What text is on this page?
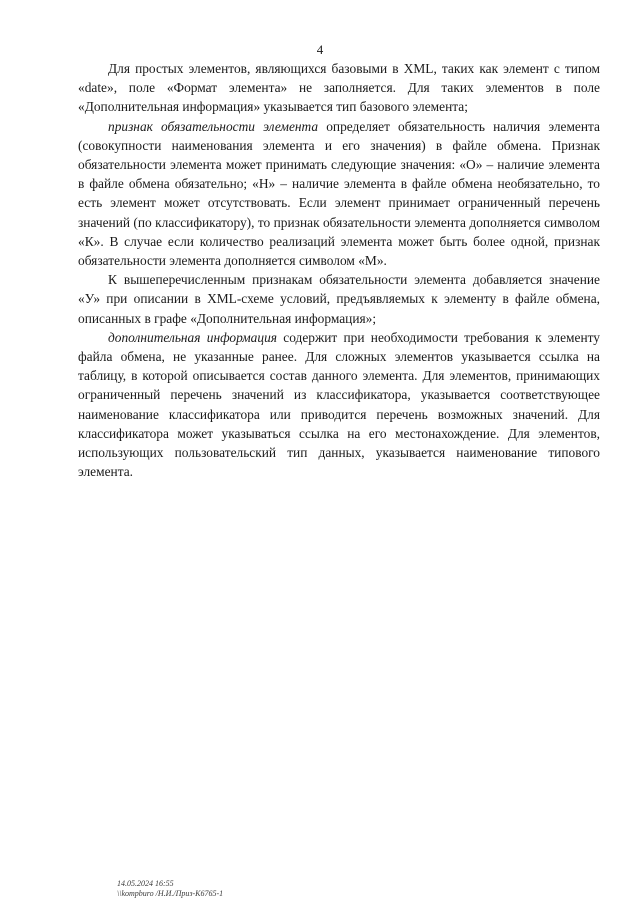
4

Для простых элементов, являющихся базовыми в XML, таких как элемент с типом «date», поле «Формат элемента» не заполняется. Для таких элементов в поле «Дополнительная информация» указывается тип базового элемента;

признак обязательности элемента определяет обязательность наличия элемента (совокупности наименования элемента и его значения) в файле обмена. Признак обязательности элемента может принимать следующие значения: «О» – наличие элемента в файле обмена обязательно; «Н» – наличие элемента в файле обмена необязательно, то есть элемент может отсутствовать. Если элемент принимает ограниченный перечень значений (по классификатору), то признак обязательности элемента дополняется символом «К». В случае если количество реализаций элемента может быть более одной, признак обязательности элемента дополняется символом «М».

К вышеперечисленным признакам обязательности элемента добавляется значение «У» при описании в XML-схеме условий, предъявляемых к элементу в файле обмена, описанных в графе «Дополнительная информация»;

дополнительная информация содержит при необходимости требования к элементу файла обмена, не указанные ранее. Для сложных элементов указывается ссылка на таблицу, в которой описывается состав данного элемента. Для элементов, принимающих ограниченный перечень значений из классификатора, указывается соответствующее наименование классификатора или приводится перечень возможных значений. Для классификатора может указываться ссылка на его местонахождение. Для элементов, использующих пользовательский тип данных, указывается наименование типового элемента.

14.05.2024 16:55
\\kompburo /Н.И./Приз-К6765-1
